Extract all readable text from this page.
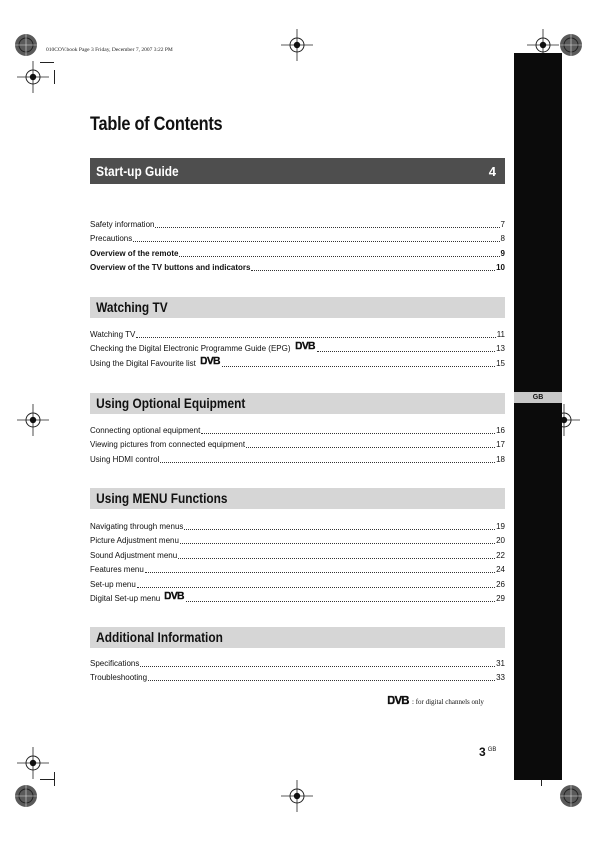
010COV.book Page 3 Friday, December 7, 2007 3:22 PM
GB
Table of Contents
Start-up Guide	4
Safety information	7
Precautions	8
Overview of the remote	9
Overview of the TV buttons and indicators	10
Watching TV
Watching TV	11
Checking the Digital Electronic Programme Guide (EPG)	13
Using the Digital Favourite list	15
Using Optional Equipment
Connecting optional equipment	16
Viewing pictures from connected equipment	17
Using HDMI control	18
Using MENU Functions
Navigating through menus	19
Picture Adjustment menu	20
Sound Adjustment menu	22
Features menu	24
Set-up menu	26
Digital Set-up menu	29
Additional Information
Specifications	31
Troubleshooting	33
: for digital channels only
3 $^{GB}$
